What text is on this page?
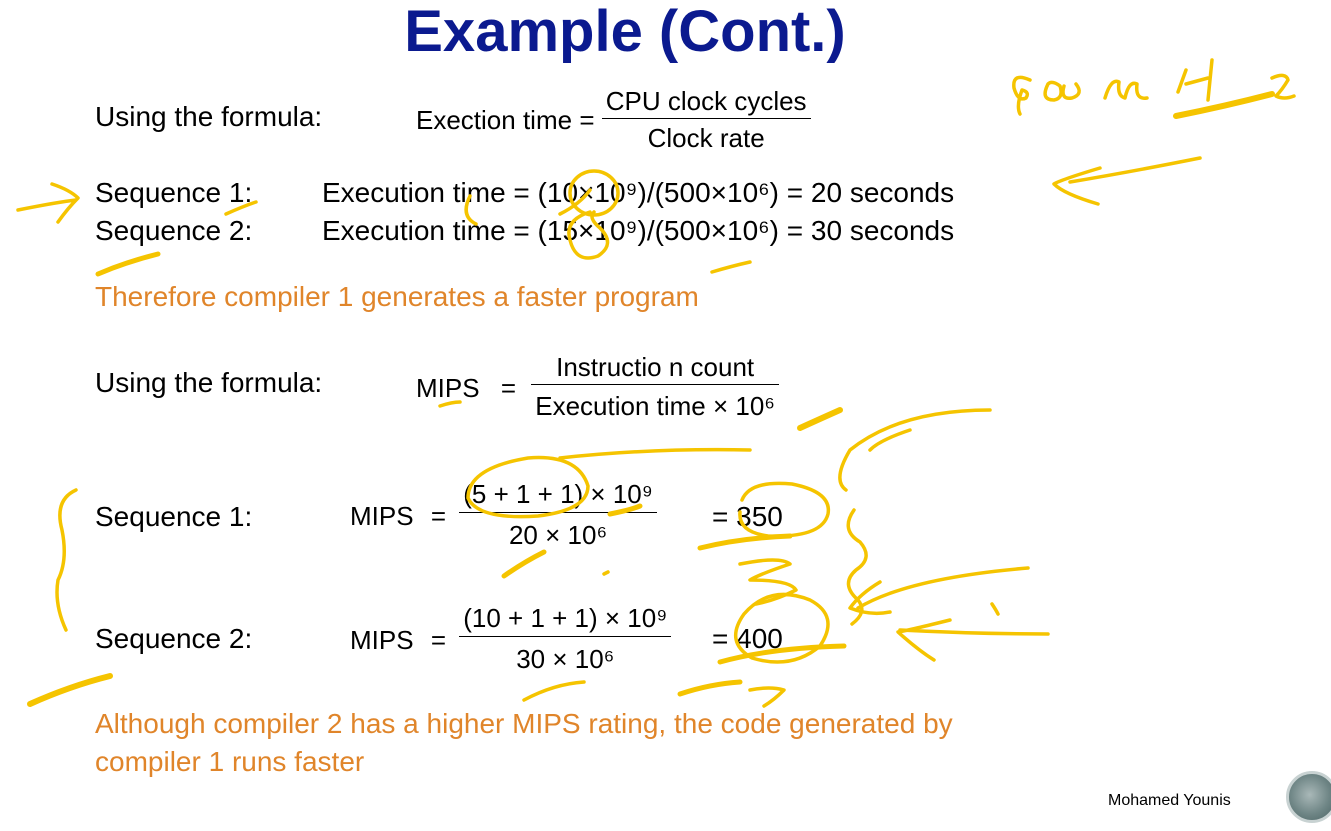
Example (Cont.)
Using the formula:	Exection time = $\frac{\text{CPU clock cycles}}{\text{Clock rate}}$
Sequence 1: Execution time = (10×10⁹)/(500×10⁶) = 20 seconds
Sequence 2: Execution time = (15×10⁹)/(500×10⁶) = 30 seconds
Therefore compiler 1 generates a faster program
Using the formula:	MIPS = $\frac{\text{Instructio n count}}{\text{Execution time × 10⁶}}$
Sequence 1:	MIPS = $\frac{\text{(5 + 1 + 1) × 10⁹}}{\text{20 × 10⁶}} = 350$
Sequence 2:	MIPS = $\frac{\text{(10 + 1 + 1) × 10⁹}}{\text{30 × 10⁶}} = 400$
Although compiler 2 has a higher MIPS rating, the code generated by
compiler 1 runs faster
Mohamed Younis
